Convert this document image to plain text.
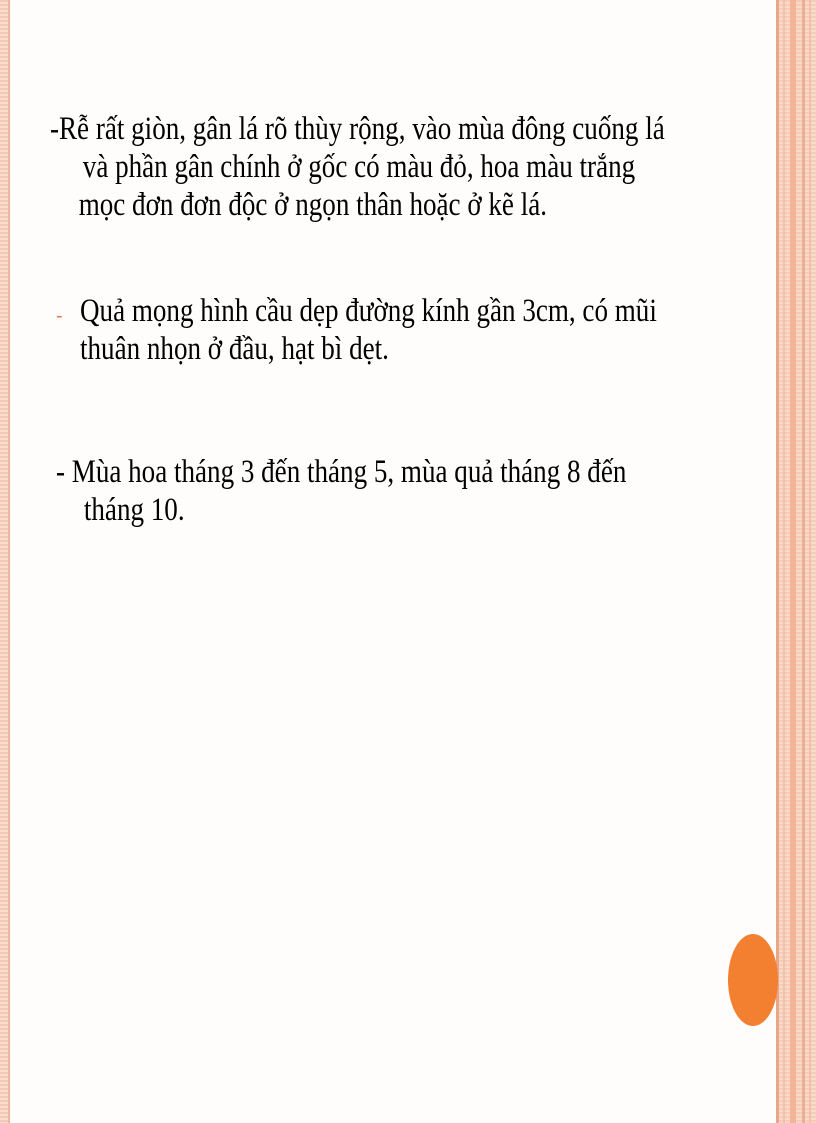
-Rễ rất giòn, gân lá rõ thùy rộng, vào mùa đông cuống lá
và phần gân chính ở gốc có màu đỏ, hoa màu trắng
mọc đơn đơn độc ở ngọn thân hoặc ở kẽ lá.
- Quả mọng hình cầu dẹp đường kính gần 3cm, có mũi
thuân nhọn ở đầu, hạt bì dẹt.
- Mùa hoa tháng 3 đến tháng 5, mùa quả tháng 8 đến
tháng 10.
